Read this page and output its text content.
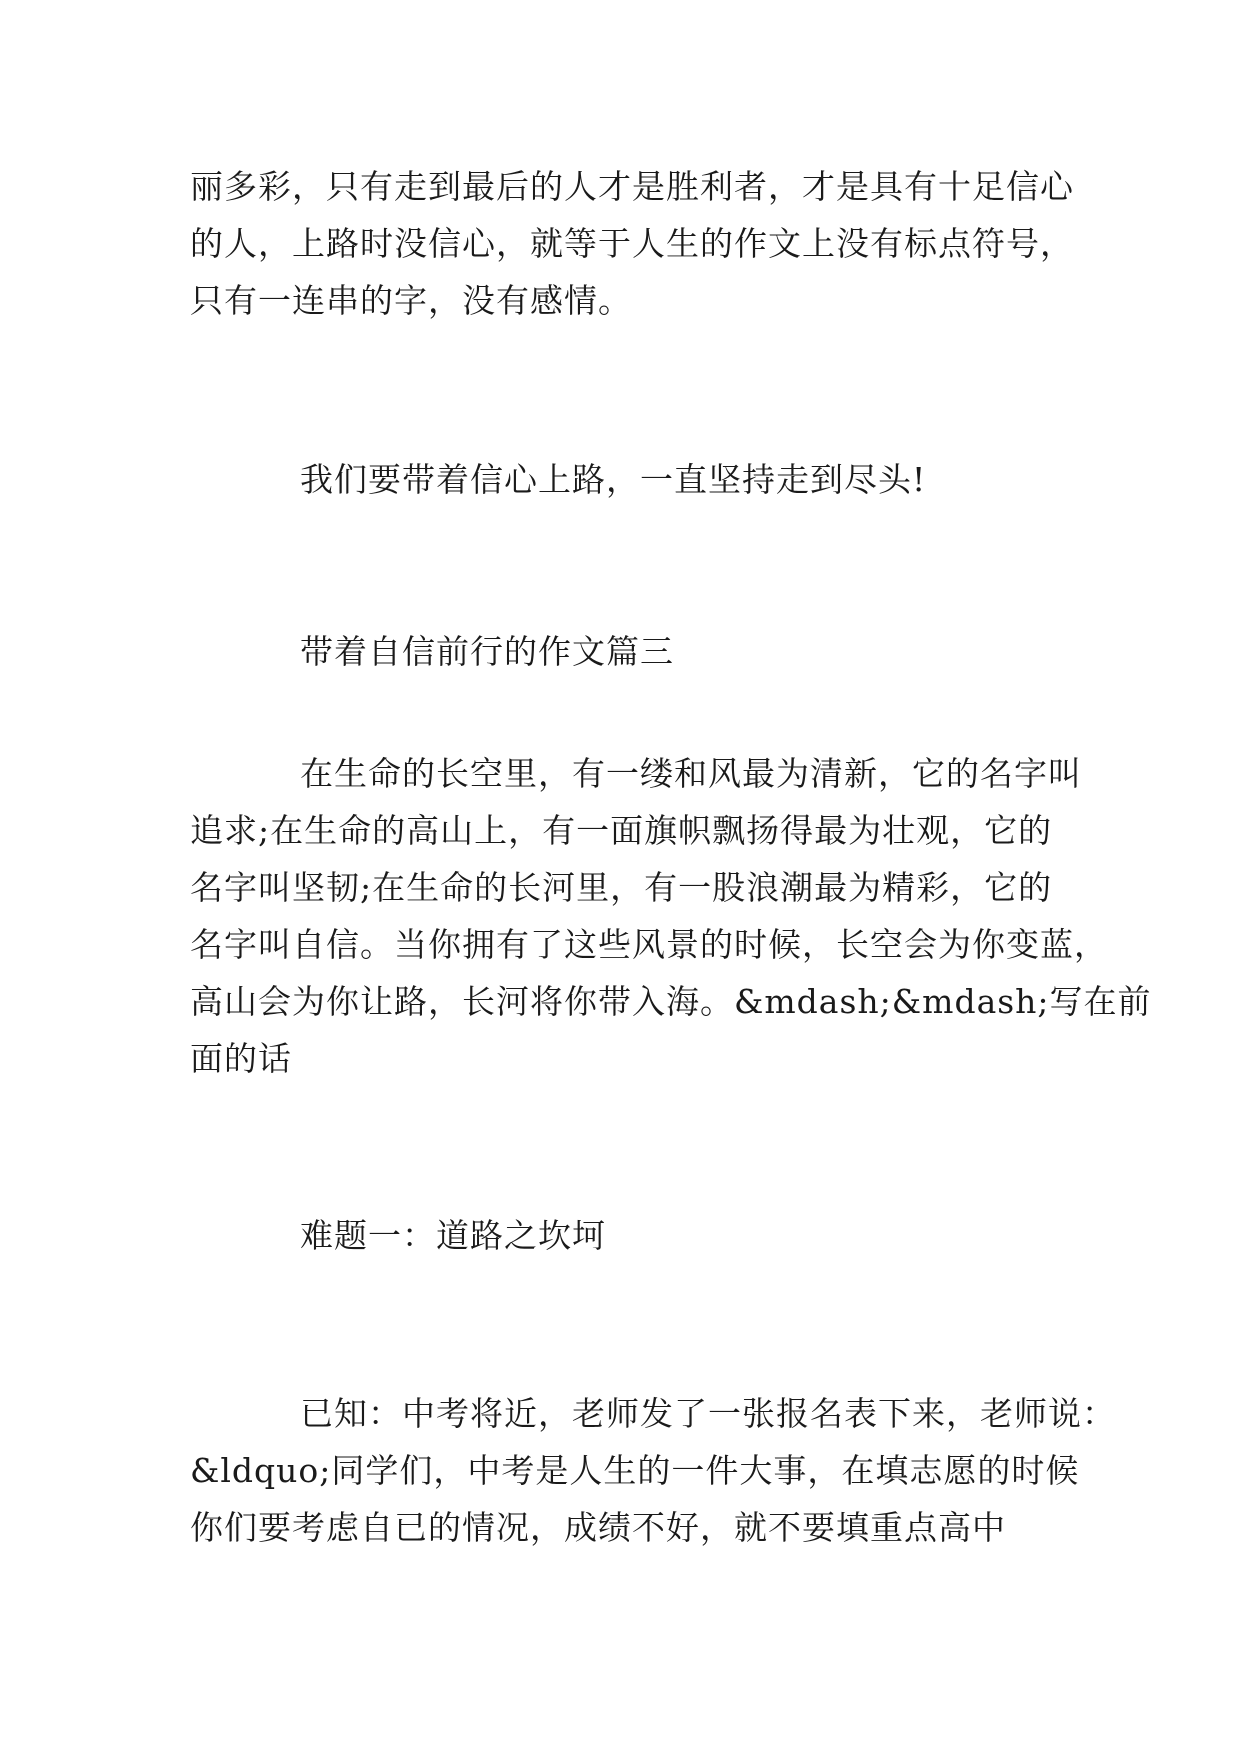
丽多彩，只有走到最后的人才是胜利者，才是具有十足信心
的人，上路时没信心，就等于人生的作文上没有标点符号，
只有一连串的字，没有感情。
我们要带着信心上路，一直坚持走到尽头!
带着自信前行的作文篇三
在生命的长空里，有一缕和风最为清新，它的名字叫
追求;在生命的高山上，有一面旗帜飘扬得最为壮观，它的
名字叫坚韧;在生命的长河里，有一股浪潮最为精彩，它的
名字叫自信。当你拥有了这些风景的时候，长空会为你变蓝，
高山会为你让路，长河将你带入海。&mdash;&mdash;写在前
面的话
难题一：道路之坎坷
已知：中考将近，老师发了一张报名表下来，老师说：
&ldquo;同学们，中考是人生的一件大事，在填志愿的时候
你们要考虑自已的情况，成绩不好，就不要填重点高中
